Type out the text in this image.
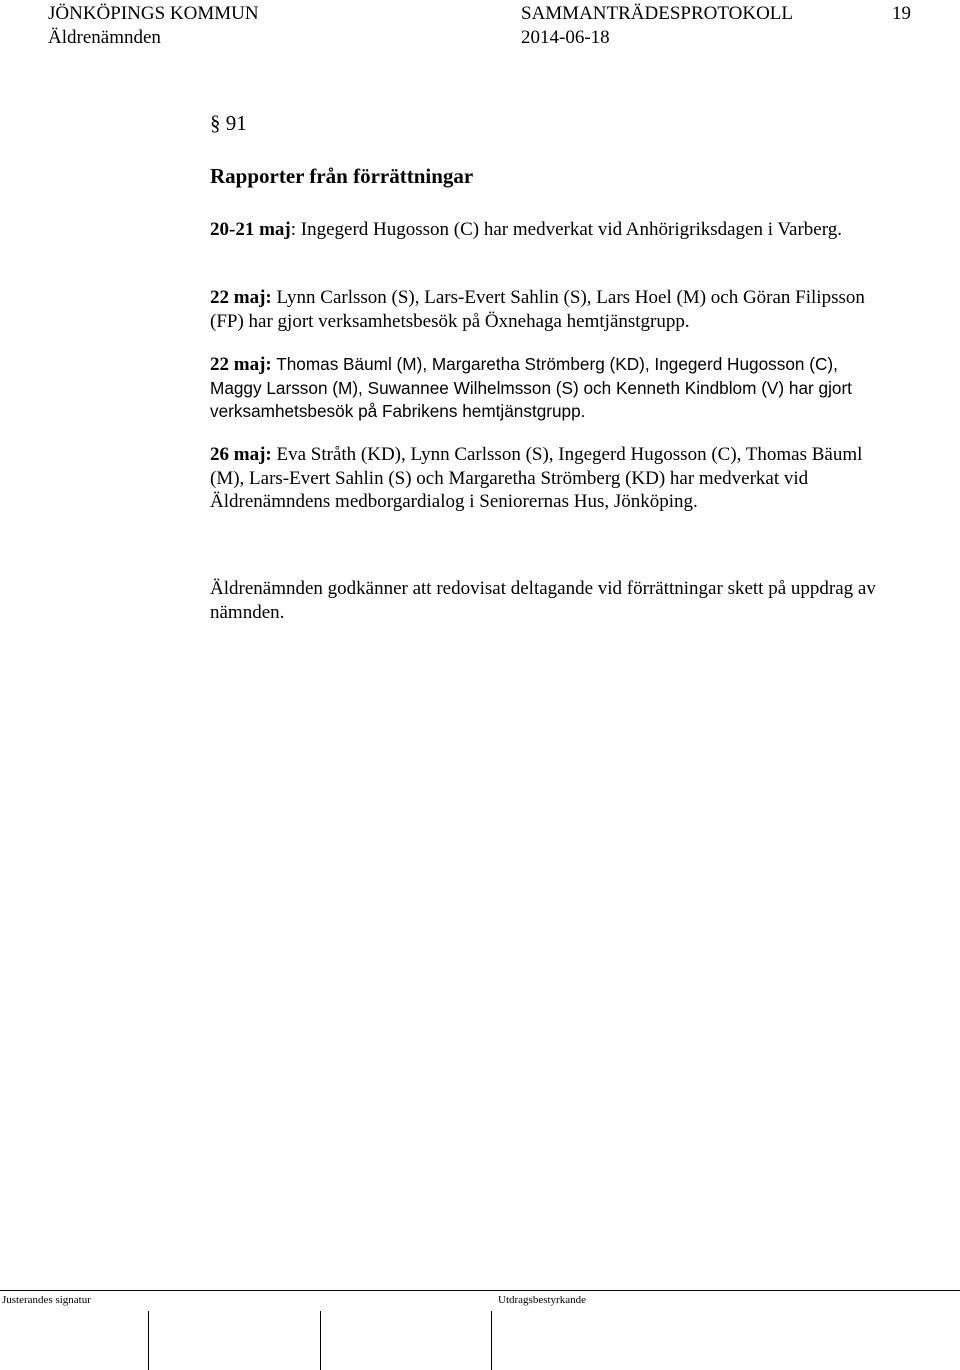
JÖNKÖPINGS KOMMUN
Äldrenämnden
SAMMANTRÄDESPROTOKOLL
2014-06-18
19
§ 91
Rapporter från förrättningar

20-21 maj: Ingegerd Hugosson (C) har medverkat vid Anhörigriksdagen i Varberg.

22 maj: Lynn Carlsson (S), Lars-Evert Sahlin (S), Lars Hoel (M) och Göran Filipsson (FP) har gjort verksamhetsbesök på Öxnehaga hemtjänstgrupp.

22 maj: Thomas Bäuml (M), Margaretha Strömberg (KD), Ingegerd Hugosson (C), Maggy Larsson (M), Suwannee Wilhelmsson (S) och Kenneth Kindblom (V) har gjort verksamhetsbesök på Fabrikens hemtjänstgrupp.

26 maj: Eva Stråth (KD), Lynn Carlsson (S), Ingegerd Hugosson (C), Thomas Bäuml (M), Lars-Evert Sahlin (S) och Margaretha Strömberg (KD) har medverkat vid Äldrenämndens medborgardialog i Seniorernas Hus, Jönköping.

Äldrenämnden godkänner att redovisat deltagande vid förrättningar skett på uppdrag av nämnden.

Justerandes signatur	Utdragsbestyrkande
